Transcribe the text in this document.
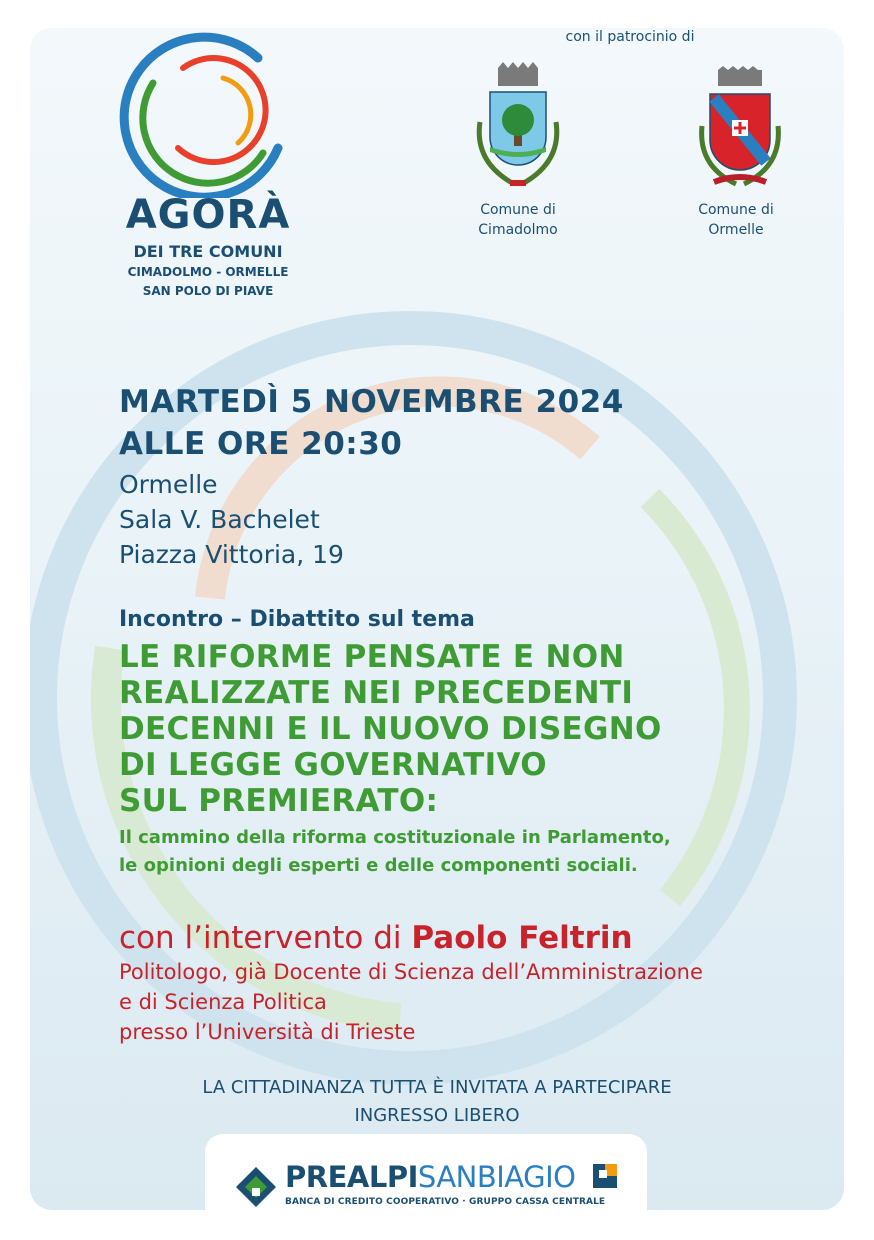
AGORÀ
DEI TRE COMUNI
CIMADOLMO - ORMELLE
SAN POLO DI PIAVE
con il patrocinio di
Comune di
Cimadolmo
Comune di
Ormelle
MARTEDÌ 5 NOVEMBRE 2024
ALLE ORE 20:30
Ormelle
Sala V. Bachelet
Piazza Vittoria, 19
Incontro – Dibattito sul tema
LE RIFORME PENSATE E NON
REALIZZATE NEI PRECEDENTI
DECENNI E IL NUOVO DISEGNO
DI LEGGE GOVERNATIVO
SUL PREMIERATO:
Il cammino della riforma costituzionale in Parlamento,
le opinioni degli esperti e delle componenti sociali.
con l’intervento di Paolo Feltrin
Politologo, già Docente di Scienza dell’Amministrazione
e di Scienza Politica
presso l’Università di Trieste
LA CITTADINANZA TUTTA È INVITATA A PARTECIPARE
INGRESSO LIBERO
PREALPISANBIAGIO
BANCA DI CREDITO COOPERATIVO · GRUPPO CASSA CENTRALE
